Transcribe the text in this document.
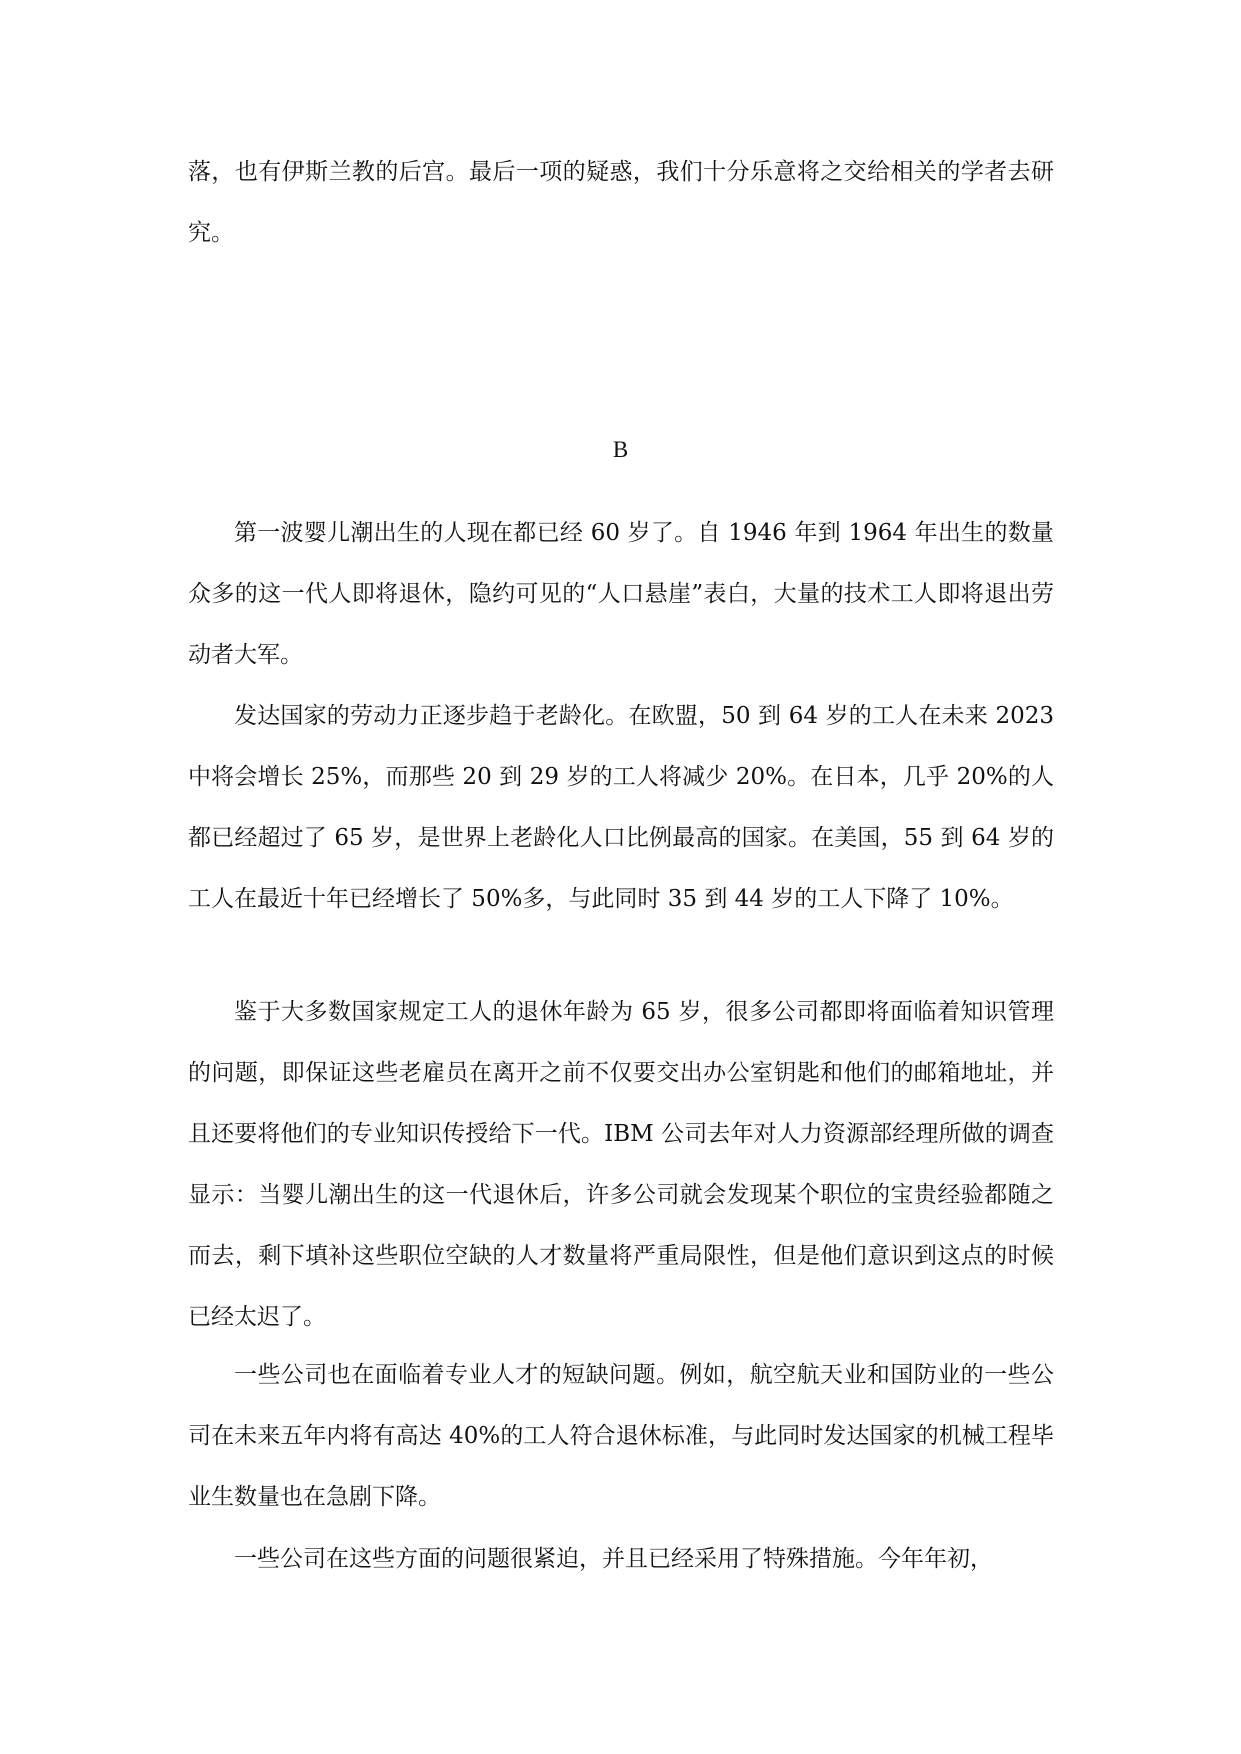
落，也有伊斯兰教的后宫。最后一项的疑惑，我们十分乐意将之交给相关的学者去研究。

B

第一波婴儿潮出生的人现在都已经 60 岁了。自 1946 年到 1964 年出生的数量众多的这一代人即将退休，隐约可见的“人口悬崖”表白，大量的技术工人即将退出劳动者大军。

发达国家的劳动力正逐步趋于老龄化。在欧盟，50 到 64 岁的工人在未来 2023 中将会增长 25%，而那些 20 到 29 岁的工人将减少 20%。在日本，几乎 20%的人都已经超过了 65 岁，是世界上老龄化人口比例最高的国家。在美国，55 到 64 岁的工人在最近十年已经增长了 50%多，与此同时 35 到 44 岁的工人下降了 10%。

鉴于大多数国家规定工人的退休年龄为 65 岁，很多公司都即将面临着知识管理的问题，即保证这些老雇员在离开之前不仅要交出办公室钥匙和他们的邮箱地址，并且还要将他们的专业知识传授给下一代。IBM 公司去年对人力资源部经理所做的调查显示：当婴儿潮出生的这一代退休后，许多公司就会发现某个职位的宝贵经验都随之而去，剩下填补这些职位空缺的人才数量将严重局限性，但是他们意识到这点的时候已经太迟了。

一些公司也在面临着专业人才的短缺问题。例如，航空航天业和国防业的一些公司在未来五年内将有高达 40%的工人符合退休标准，与此同时发达国家的机械工程毕业生数量也在急剧下降。

一些公司在这些方面的问题很紧迫，并且已经采用了特殊措施。今年年初，
